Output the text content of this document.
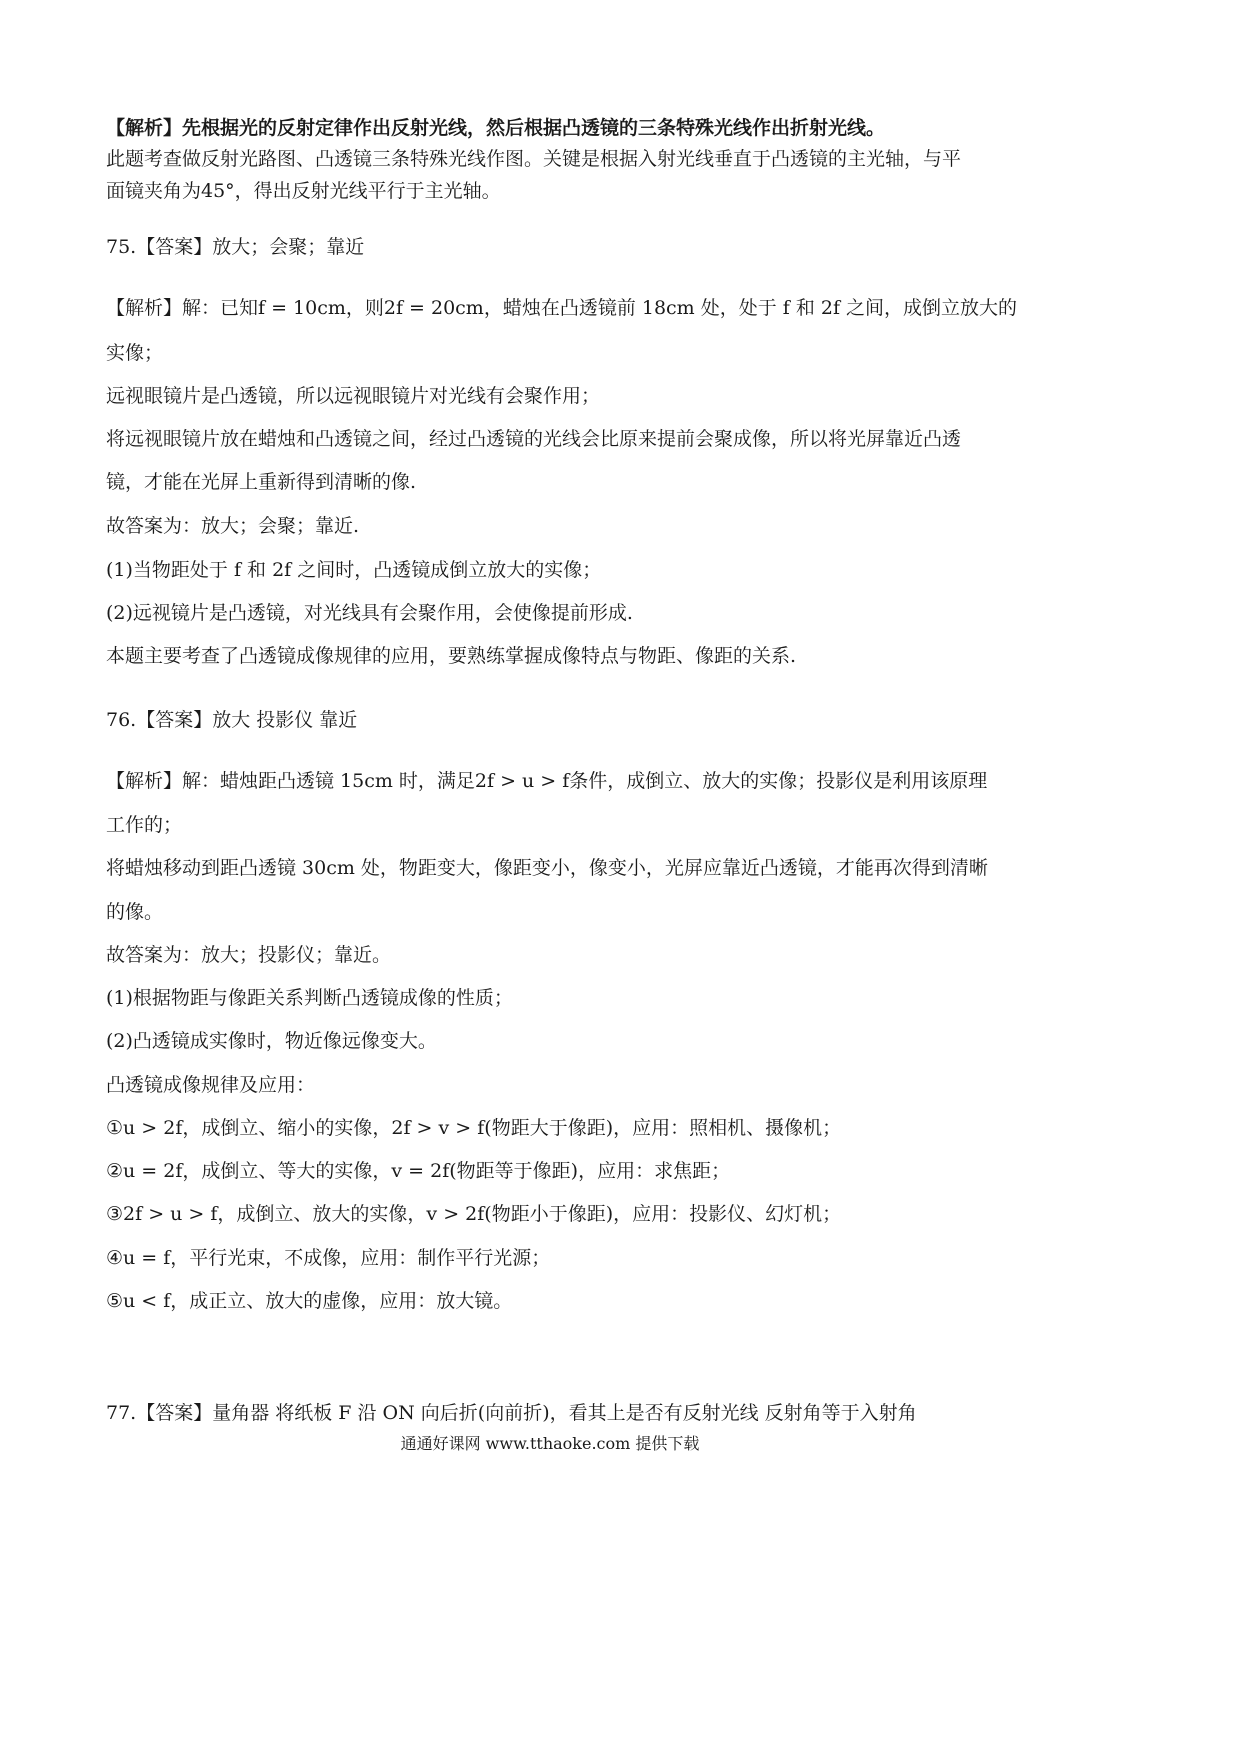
【解析】先根据光的反射定律作出反射光线，然后根据凸透镜的三条特殊光线作出折射光线。
此题考查做反射光路图、凸透镜三条特殊光线作图。关键是根据入射光线垂直于凸透镜的主光轴，与平
面镜夹角为45°，得出反射光线平行于主光轴。
75.【答案】放大；会聚；靠近
【解析】解：已知f = 10cm，则2f = 20cm，蜡烛在凸透镜前 18cm 处，处于 f 和 2f 之间，成倒立放大的
实像；
远视眼镜片是凸透镜，所以远视眼镜片对光线有会聚作用；
将远视眼镜片放在蜡烛和凸透镜之间，经过凸透镜的光线会比原来提前会聚成像，所以将光屏靠近凸透
镜，才能在光屏上重新得到清晰的像.
故答案为：放大；会聚；靠近.
(1)当物距处于 f 和 2f 之间时，凸透镜成倒立放大的实像；
(2)远视镜片是凸透镜，对光线具有会聚作用，会使像提前形成.
本题主要考查了凸透镜成像规律的应用，要熟练掌握成像特点与物距、像距的关系.
76.【答案】放大 投影仪 靠近
【解析】解：蜡烛距凸透镜 15cm 时，满足2f > u > f条件，成倒立、放大的实像；投影仪是利用该原理
工作的；
将蜡烛移动到距凸透镜 30cm 处，物距变大，像距变小，像变小，光屏应靠近凸透镜，才能再次得到清晰
的像。
故答案为：放大；投影仪；靠近。
(1)根据物距与像距关系判断凸透镜成像的性质；
(2)凸透镜成实像时，物近像远像变大。
凸透镜成像规律及应用：
①u > 2f，成倒立、缩小的实像，2f > v > f(物距大于像距)，应用：照相机、摄像机；
②u = 2f，成倒立、等大的实像，v = 2f(物距等于像距)，应用：求焦距；
③2f > u > f，成倒立、放大的实像，v > 2f(物距小于像距)，应用：投影仪、幻灯机；
④u = f，平行光束，不成像，应用：制作平行光源；
⑤u < f，成正立、放大的虚像，应用：放大镜。
77.【答案】量角器 将纸板 F 沿 ON 向后折(向前折)，看其上是否有反射光线 反射角等于入射角
通通好课网 www.tthaoke.com 提供下载
